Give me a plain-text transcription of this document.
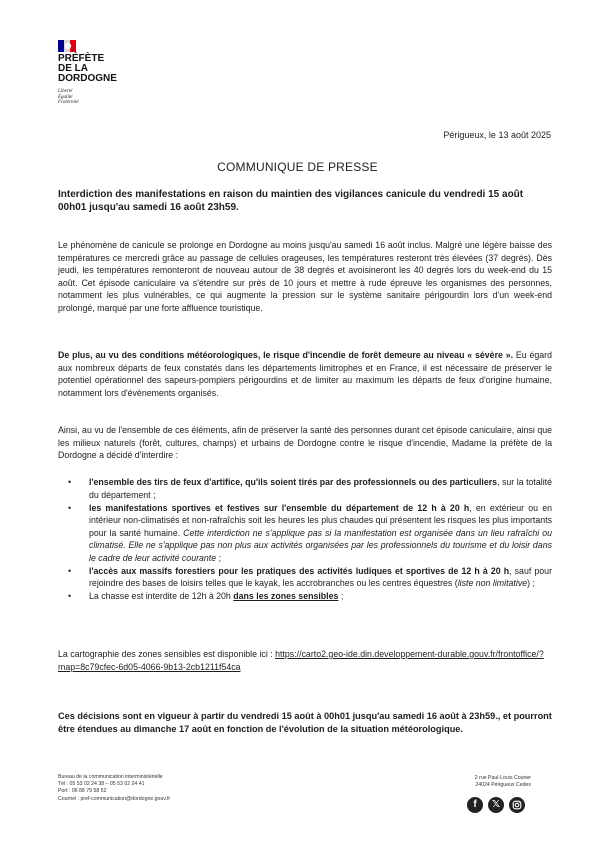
PRÉFÈTE
DE LA
DORDOGNE
Liberté
Égalité
Fraternité
Périgueux, le 13 août 2025
COMMUNIQUE DE PRESSE
Interdiction des manifestations en raison du maintien des vigilances canicule du vendredi 15 août 00h01 jusqu'au samedi 16 août 23h59.
Le phénomène de canicule se prolonge en Dordogne au moins jusqu'au samedi 16 août inclus. Malgré une légère baisse des températures ce mercredi grâce au passage de cellules orageuses, les températures resteront très élevées (37 degrés). Dès jeudi, les températures remonteront de nouveau autour de 38 degrés et avoisineront les 40 degrés lors du week-end du 15 août. Cet épisode caniculaire va s'étendre sur près de 10 jours et mettre à rude épreuve les organismes des personnes, notamment les plus vulnérables, ce qui augmente la pression sur le système sanitaire périgourdin lors d'un week-end prolongé, marqué par une forte affluence touristique.
De plus, au vu des conditions météorologiques, le risque d'incendie de forêt demeure au niveau « sévère ». Eu égard aux nombreux départs de feux constatés dans les départements limitrophes et en France, il est nécessaire de préserver le potentiel opérationnel des sapeurs-pompiers périgourdins et de limiter au maximum les départs de feux d'origine humaine, notamment lors d'évènements organisés.
Ainsi, au vu de l'ensemble de ces éléments, afin de préserver la santé des personnes durant cet épisode caniculaire, ainsi que les milieux naturels (forêt, cultures, champs) et urbains de Dordogne contre le risque d'incendie, Madame la préfète de la Dordogne a décidé d'interdire :
• l'ensemble des tirs de feux d'artifice, qu'ils soient tirés par des professionnels ou des particuliers, sur la totalité du département ;
• les manifestations sportives et festives sur l'ensemble du département de 12 h à 20 h, en extérieur ou en intérieur non-climatisés et non-rafraîchis soit les heures les plus chaudes qui présentent les risques les plus importants pour la santé humaine. Cette interdiction ne s'applique pas si la manifestation est organisée dans un lieu rafraîchi ou climatisé. Elle ne s'applique pas non plus aux activités organisées par les professionnels du tourisme et du loisir dans le cadre de leur activité courante ;
• l'accès aux massifs forestiers pour les pratiques des activités ludiques et sportives de 12 h à 20 h, sauf pour rejoindre des bases de loisirs telles que le kayak, les accrobranches ou les centres équestres (liste non limitative) ;
• La chasse est interdite de 12h à 20h dans les zones sensibles ;
La cartographie des zones sensibles est disponible ici : https://carto2.geo-ide.din.developpement-durable.gouv.fr/frontoffice/?map=8c79cfec-6d05-4066-9b13-2cb1211f54ca
Ces décisions sont en vigueur à partir du vendredi 15 août à 00h01 jusqu'au samedi 16 août à 23h59., et pourront être étendues au dimanche 17 août en fonction de l'évolution de la situation météorologique.
Bureau de la communication interministérielle
Tél : 05 53 02 24 38 – 05 53 02 24 41
Port : 06 88 79 58 52
Courriel : pref-communication@dordogne.gouv.fr
2 rue Paul-Louis Courier
24024 Périgueux Cedex
f	𝕏
